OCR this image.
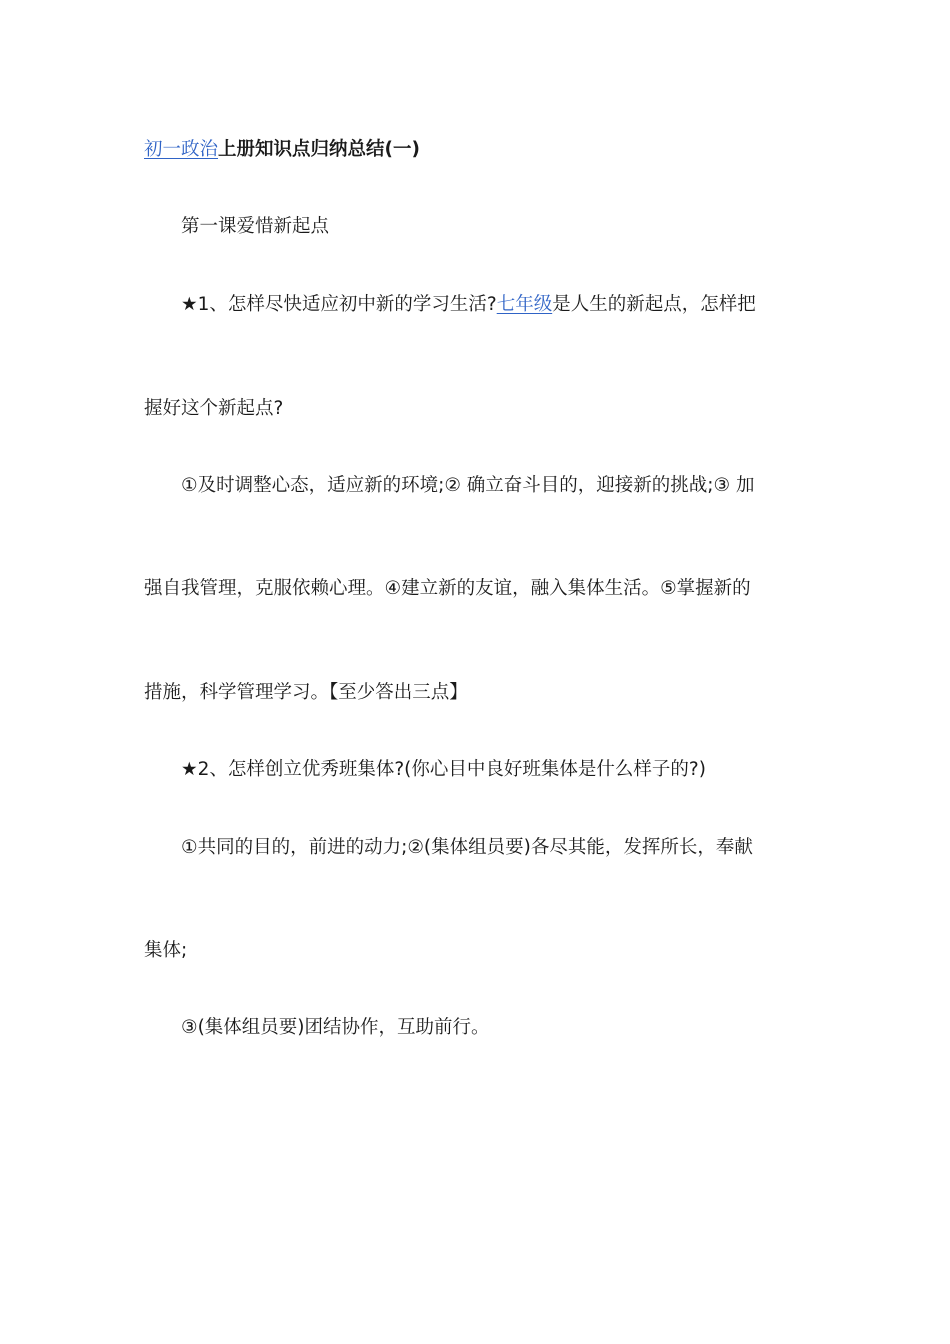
初一政治上册知识点归纳总结(一)
第一课爱惜新起点
★1、怎样尽快适应初中新的学习生活?七年级是人生的新起点，怎样把
握好这个新起点?
①及时调整心态，适应新的环境;② 确立奋斗目的，迎接新的挑战;③ 加
强自我管理，克服依赖心理。④建立新的友谊，融入集体生活。⑤掌握新的
措施，科学管理学习。【至少答出三点】
★2、怎样创立优秀班集体?(你心目中良好班集体是什么样子的?)
①共同的目的，前进的动力;②(集体组员要)各尽其能，发挥所长，奉献
集体;
③(集体组员要)团结协作，互助前行。
